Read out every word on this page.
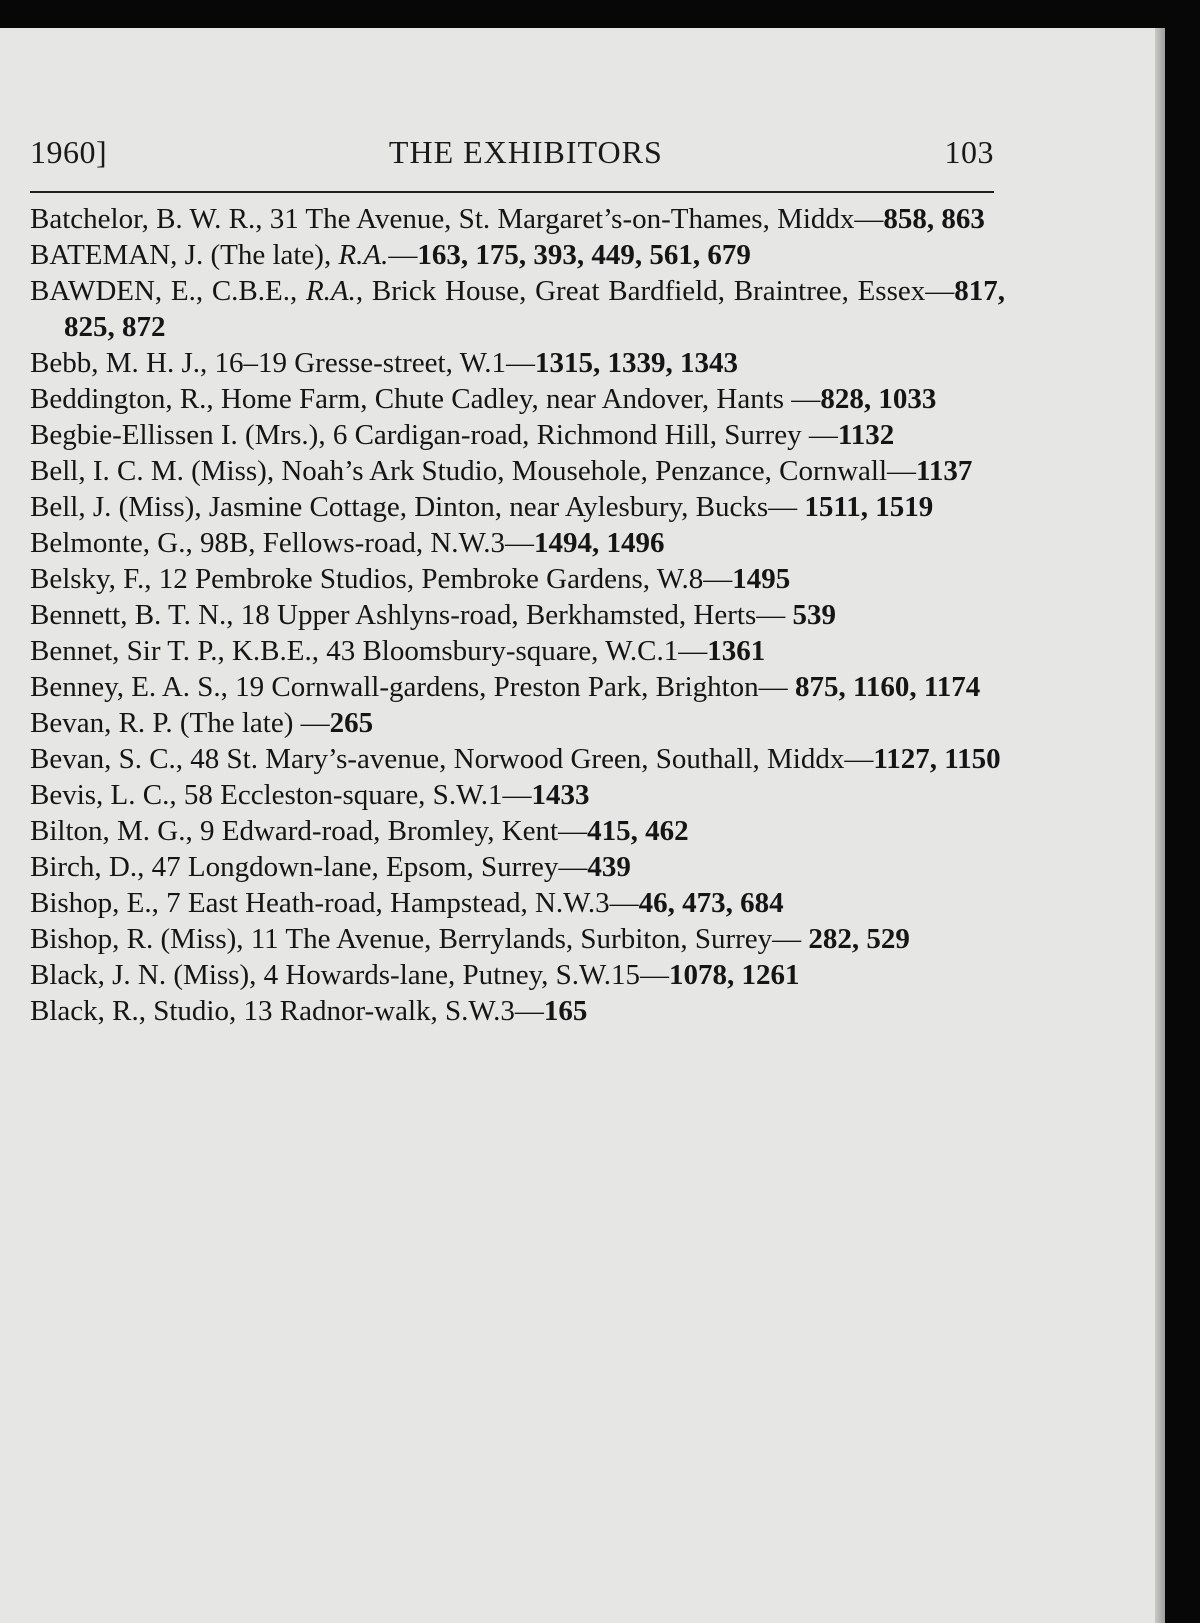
1960]	THE EXHIBITORS	103
Batchelor, B. W. R., 31 The Avenue, St. Margaret’s-on-Thames, Middx—858, 863
BATEMAN, J. (The late), R.A.—163, 175, 393, 449, 561, 679
BAWDEN, E., C.B.E., R.A., Brick House, Great Bardfield, Braintree, Essex—817, 825, 872
Bebb, M. H. J., 16–19 Gresse-street, W.1—1315, 1339, 1343
Beddington, R., Home Farm, Chute Cadley, near Andover, Hants —828, 1033
Begbie-Ellissen I. (Mrs.), 6 Cardigan-road, Richmond Hill, Surrey —1132
Bell, I. C. M. (Miss), Noah’s Ark Studio, Mousehole, Penzance, Cornwall—1137
Bell, J. (Miss), Jasmine Cottage, Dinton, near Aylesbury, Bucks— 1511, 1519
Belmonte, G., 98B, Fellows-road, N.W.3—1494, 1496
Belsky, F., 12 Pembroke Studios, Pembroke Gardens, W.8—1495
Bennett, B. T. N., 18 Upper Ashlyns-road, Berkhamsted, Herts— 539
Bennet, Sir T. P., K.B.E., 43 Bloomsbury-square, W.C.1—1361
Benney, E. A. S., 19 Cornwall-gardens, Preston Park, Brighton— 875, 1160, 1174
Bevan, R. P. (The late) —265
Bevan, S. C., 48 St. Mary’s-avenue, Norwood Green, Southall, Middx—1127, 1150
Bevis, L. C., 58 Eccleston-square, S.W.1—1433
Bilton, M. G., 9 Edward-road, Bromley, Kent—415, 462
Birch, D., 47 Longdown-lane, Epsom, Surrey—439
Bishop, E., 7 East Heath-road, Hampstead, N.W.3—46, 473, 684
Bishop, R. (Miss), 11 The Avenue, Berrylands, Surbiton, Surrey— 282, 529
Black, J. N. (Miss), 4 Howards-lane, Putney, S.W.15—1078, 1261
Black, R., Studio, 13 Radnor-walk, S.W.3—165
